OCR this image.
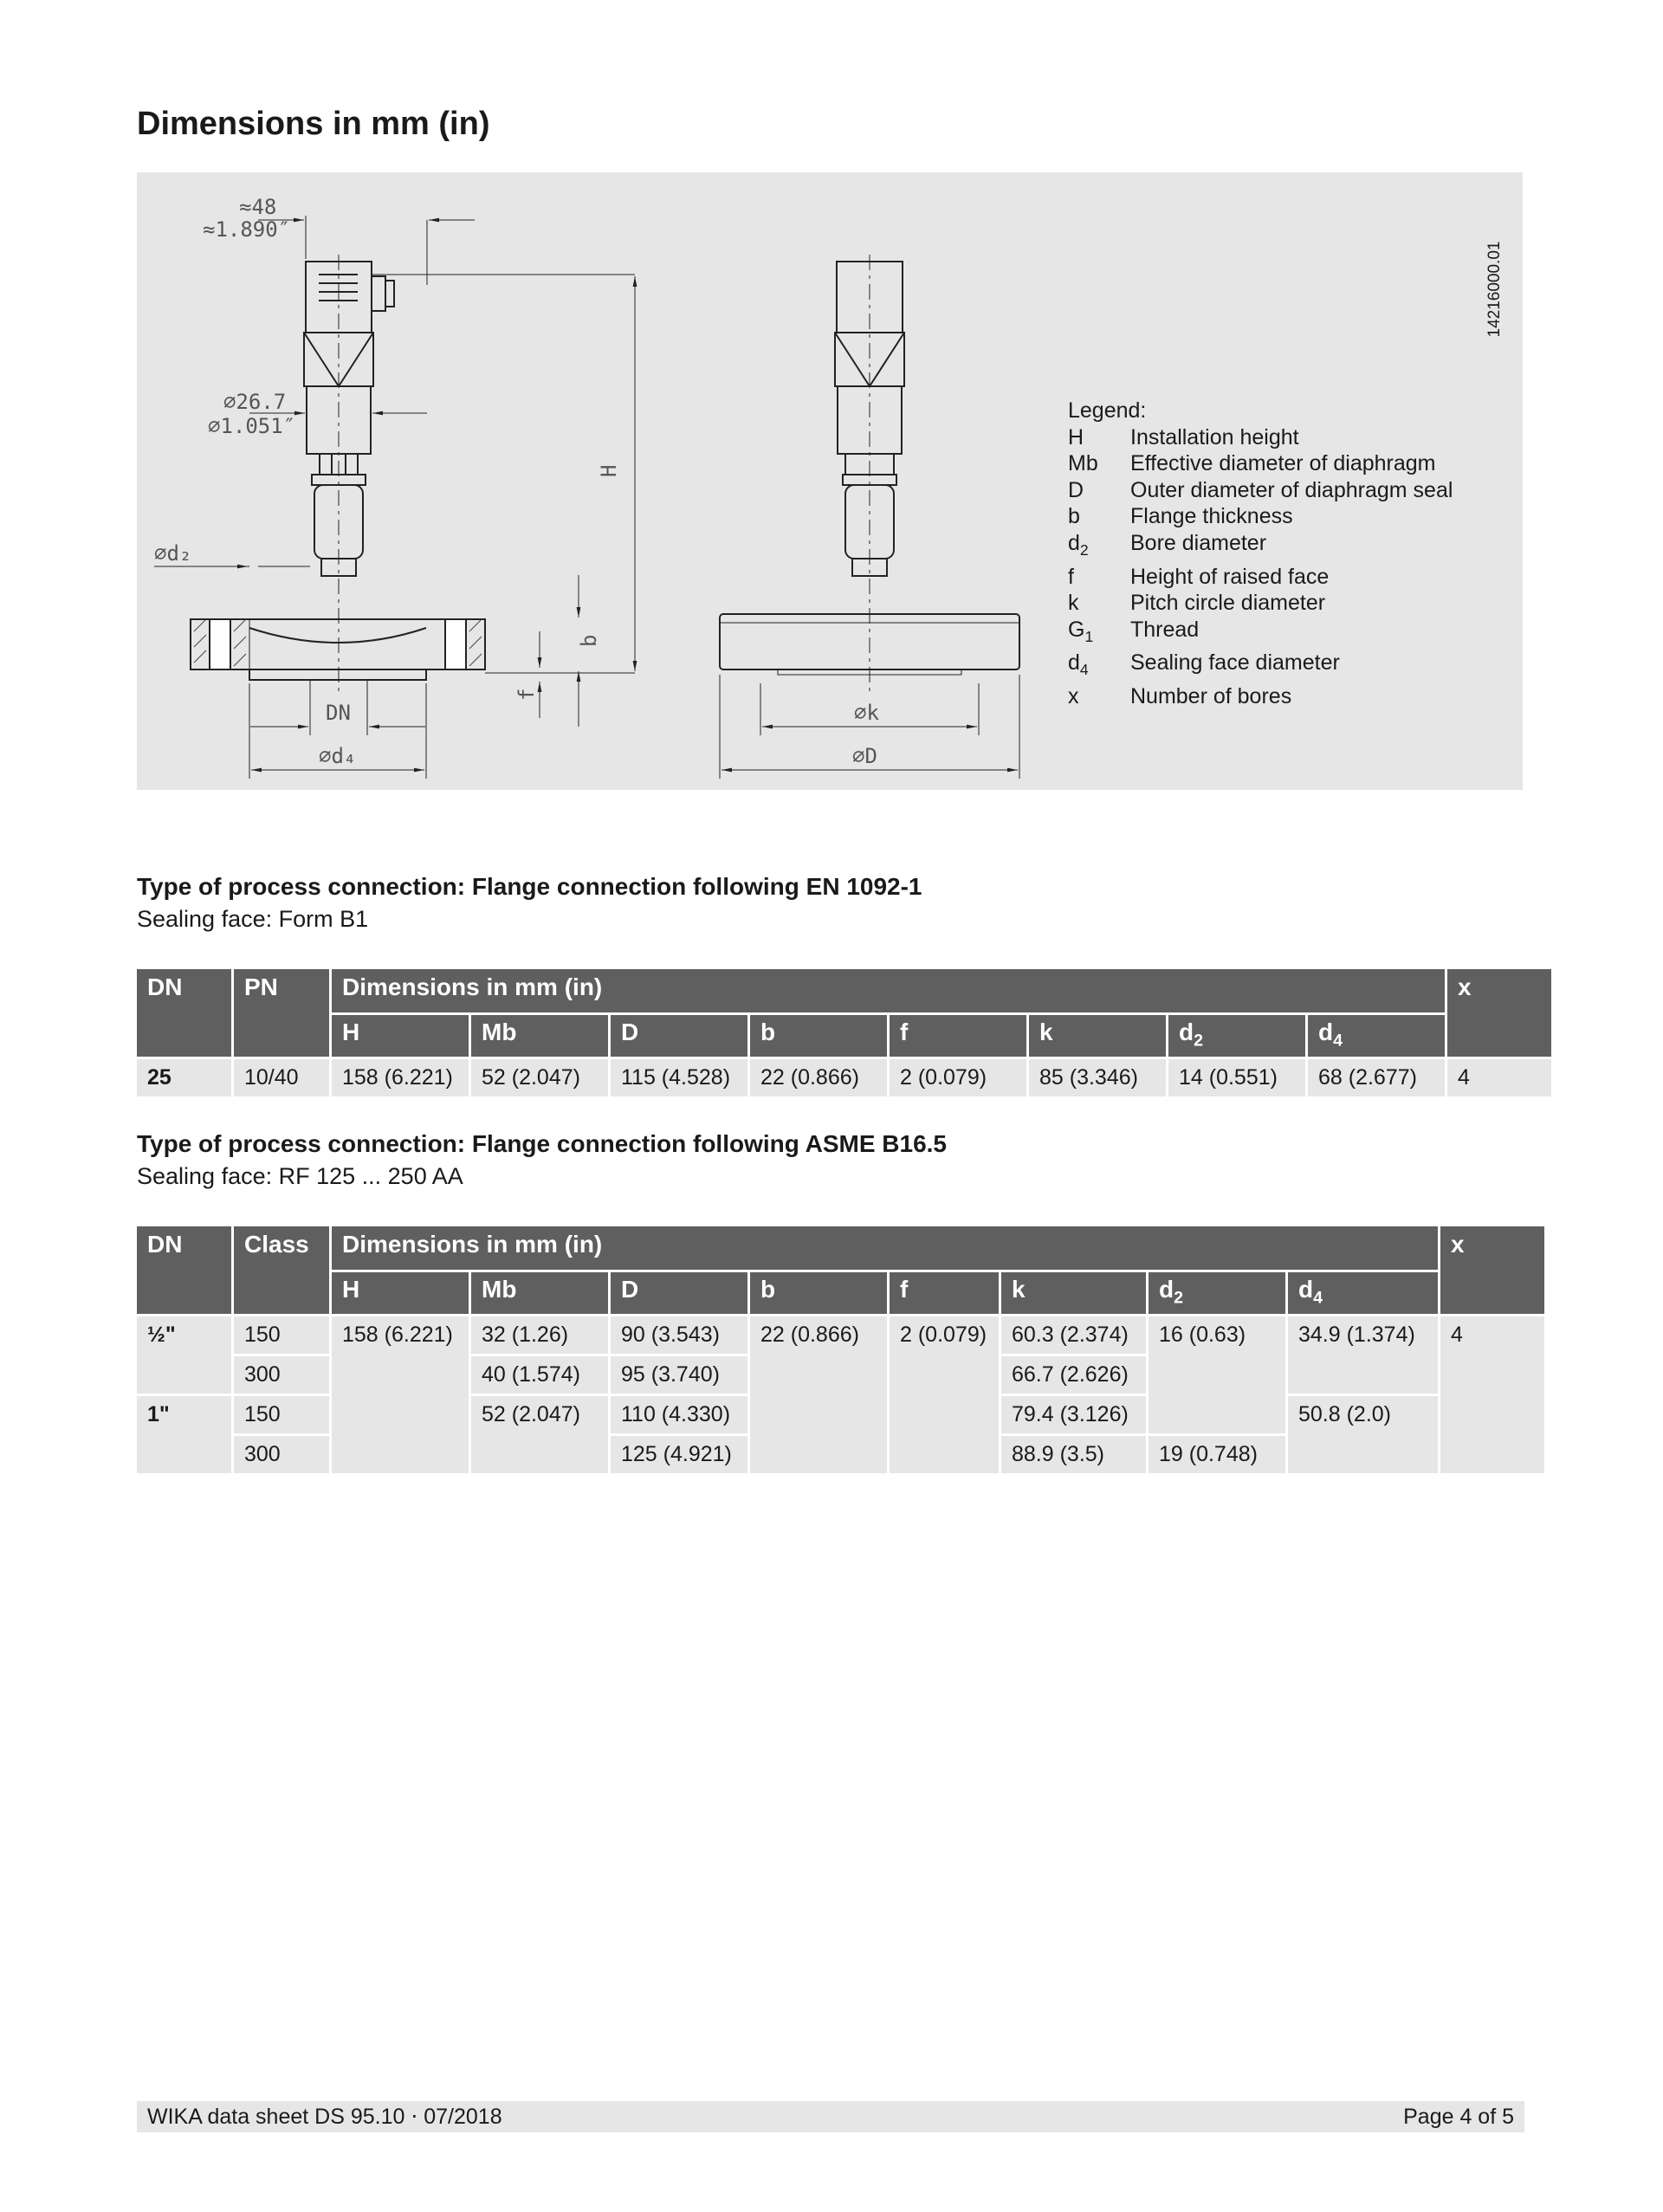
Dimensions in mm (in)
≈48
≈1.890″
⌀26.7
⌀1.051″
⌀d₂
H
b
f
DN
⌀d₄
⌀k
⌀D
14216000.01

Legend:

H	Installation height
Mb	Effective diameter of diaphragm
D	Outer diameter of diaphragm seal
b	Flange thickness
$d_2$	Bore diameter
f	Height of raised face
k	Pitch circle diameter
$G_1$	Thread
$d_4$	Sealing face diameter
x	Number of bores

Type of process connection: Flange connection following EN 1092-1

Sealing face: Form B1

DN	PN	Dimensions in mm (in)								x
		H	Mb	D	b	f	k	$d_2$	$d_4$
25	10/40	158 (6.221)	52 (2.047)	115 (4.528)	22 (0.866)	2 (0.079)	85 (3.346)	14 (0.551)	68 (2.677)	4

Type of process connection: Flange connection following ASME B16.5

Sealing face: RF 125 ... 250 AA

DN	Class	Dimensions in mm (in)								x
		H	Mb	D	b	f	k	$d_2$	$d_4$
½"	150	158 (6.221)	32 (1.26)	90 (3.543)	22 (0.866)	2 (0.079)	60.3 (2.374)	16 (0.63)	34.9 (1.374)	4
	300		40 (1.574)	95 (3.740)			66.7 (2.626)			
1"	150		52 (2.047)	110 (4.330)			79.4 (3.126)		50.8 (2.0)	
	300			125 (4.921)			88.9 (3.5)	19 (0.748)		
WIKA data sheet DS 95.10 ⋅ 07/2018	Page 4 of 5
